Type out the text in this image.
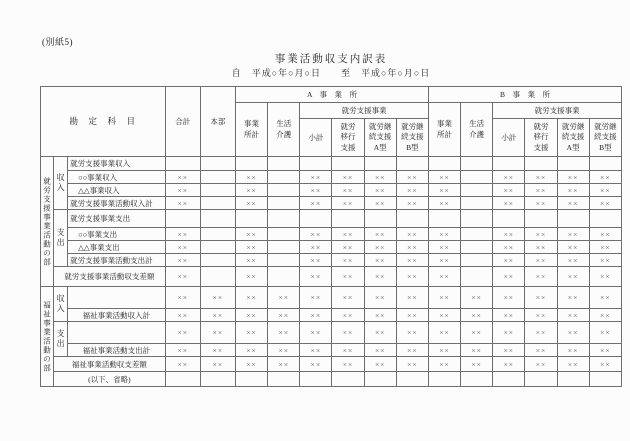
(別紙5)
事業活動収支内訳表
自　平成○年○月○日　　至　平成○年○月○日
勘　定　科　目			合計	本部	A　事　業　所						B　事　業　所					
					事業所計	生活介護	就労支援事業				事業所計	生活介護	就労支援事業			
							小計	就労移行支援	就労継続支援A型	就労継続支援B型			小計	就労移行支援	就労継続支援A型	就労継続支援B型
就労支援事業活動の部	収入	就労支援事業収入														
		○○事業収入	××		××		××	××	××	××	××		××	××	××	××
		△△事業収入	××		××		××	××	××	××	××		××	××	××	××
		就労支援事業活動収入計	××		××		××	××	××	××	××		××	××	××	××
	支出	就労支援事業支出														
		○○事業支出	××		××		××	××	××	××	××		××	××	××	××
		△△事業支出	××		××		××	××	××	××	××		××	××	××	××
		就労支援事業活動支出計	××		××		××	××	××	××	××		××	××	××	××
	就労支援事業活動収支差額		××		××		××	××	××	××	××		××	××	××	××
福祉事業活動の部	収入		××	××	××	××	××	××	××	××	××	××	××	××	××	××
		福祉事業活動収入計	××	××	××	××	××	××	××	××	××	××	××	××	××	××
	支出		××	××	××	××	××	××	××	××	××	××	××	××	××	××
		福祉事業活動支出計	××	××	××	××	××	××	××	××	××	××	××	××	××	××
	福祉事業活動収支差額		××	××	××	××	××	××	××	××	××	××	××	××	××	××
	(以下、省略)															
